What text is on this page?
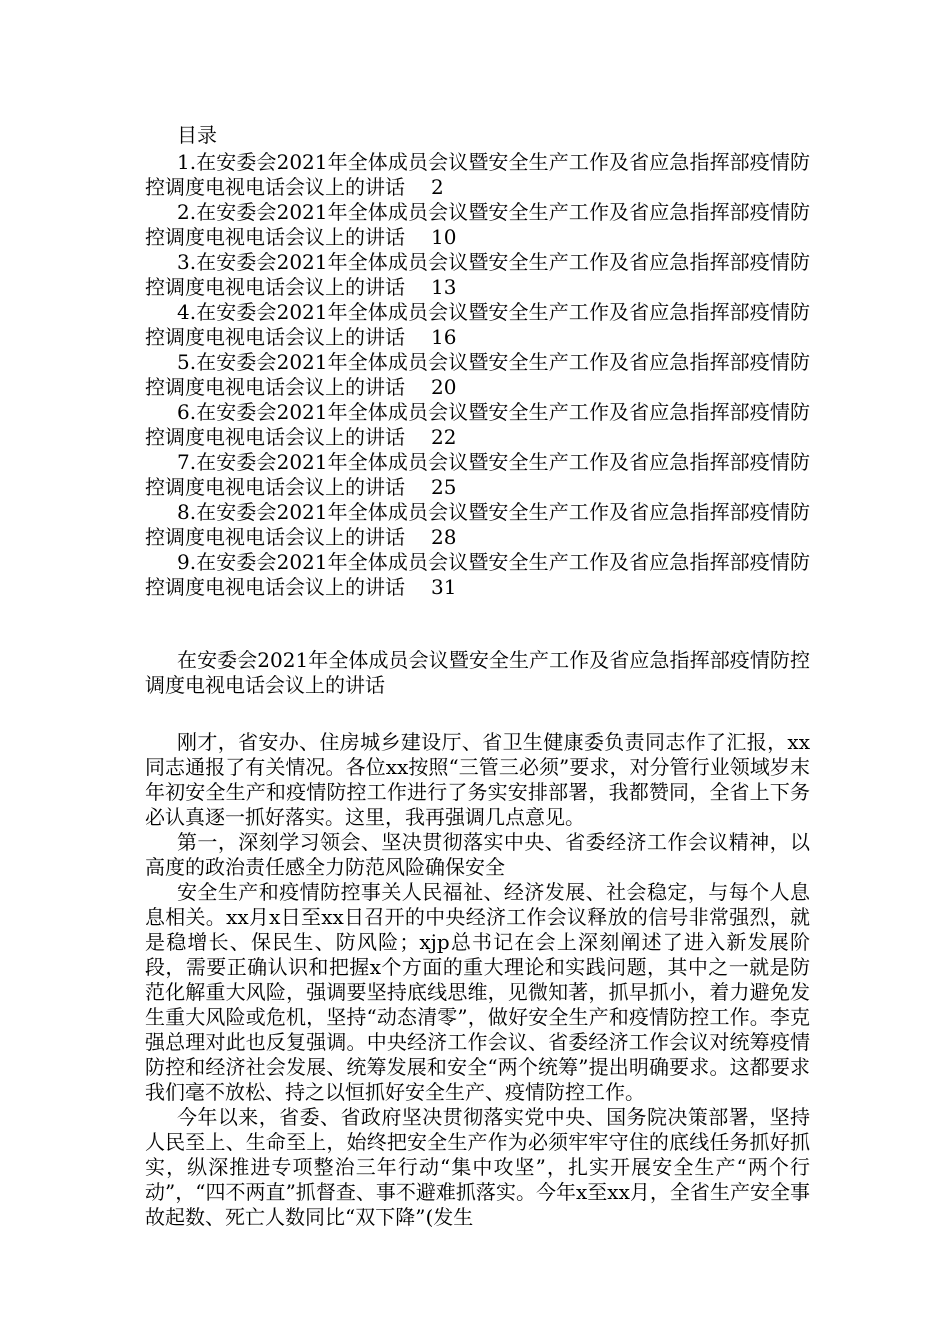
目录
1.在安委会2021年全体成员会议暨安全生产工作及省应急指挥部疫情防控调度电视电话会议上的讲话 2
2.在安委会2021年全体成员会议暨安全生产工作及省应急指挥部疫情防控调度电视电话会议上的讲话 10
3.在安委会2021年全体成员会议暨安全生产工作及省应急指挥部疫情防控调度电视电话会议上的讲话 13
4.在安委会2021年全体成员会议暨安全生产工作及省应急指挥部疫情防控调度电视电话会议上的讲话 16
5.在安委会2021年全体成员会议暨安全生产工作及省应急指挥部疫情防控调度电视电话会议上的讲话 20
6.在安委会2021年全体成员会议暨安全生产工作及省应急指挥部疫情防控调度电视电话会议上的讲话 22
7.在安委会2021年全体成员会议暨安全生产工作及省应急指挥部疫情防控调度电视电话会议上的讲话 25
8.在安委会2021年全体成员会议暨安全生产工作及省应急指挥部疫情防控调度电视电话会议上的讲话 28
9.在安委会2021年全体成员会议暨安全生产工作及省应急指挥部疫情防控调度电视电话会议上的讲话 31
在安委会2021年全体成员会议暨安全生产工作及省应急指挥部疫情防控调度电视电话会议上的讲话

刚才，省安办、住房城乡建设厅、省卫生健康委负责同志作了汇报，xx同志通报了有关情况。各位xx按照“三管三必须”要求，对分管行业领域岁末年初安全生产和疫情防控工作进行了务实安排部署，我都赞同，全省上下务必认真逐一抓好落实。这里，我再强调几点意见。

第一，深刻学习领会、坚决贯彻落实中央、省委经济工作会议精神，以高度的政治责任感全力防范风险确保安全

安全生产和疫情防控事关人民福祉、经济发展、社会稳定，与每个人息息相关。xx月x日至xx日召开的中央经济工作会议释放的信号非常强烈，就是稳增长、保民生、防风险；xjp总书记在会上深刻阐述了进入新发展阶段，需要正确认识和把握x个方面的重大理论和实践问题，其中之一就是防范化解重大风险，强调要坚持底线思维，见微知著，抓早抓小，着力避免发生重大风险或危机，坚持“动态清零”，做好安全生产和疫情防控工作。李克强总理对此也反复强调。中央经济工作会议、省委经济工作会议对统筹疫情防控和经济社会发展、统筹发展和安全“两个统筹”提出明确要求。这都要求我们毫不放松、持之以恒抓好安全生产、疫情防控工作。

今年以来，省委、省政府坚决贯彻落实党中央、国务院决策部署，坚持人民至上、生命至上，始终把安全生产作为必须牢牢守住的底线任务抓好抓实，纵深推进专项整治三年行动“集中攻坚”，扎实开展安全生产“两个行动”，“四不两直”抓督查、事不避难抓落实。今年x至xx月，全省生产安全事故起数、死亡人数同比“双下降”(发生
